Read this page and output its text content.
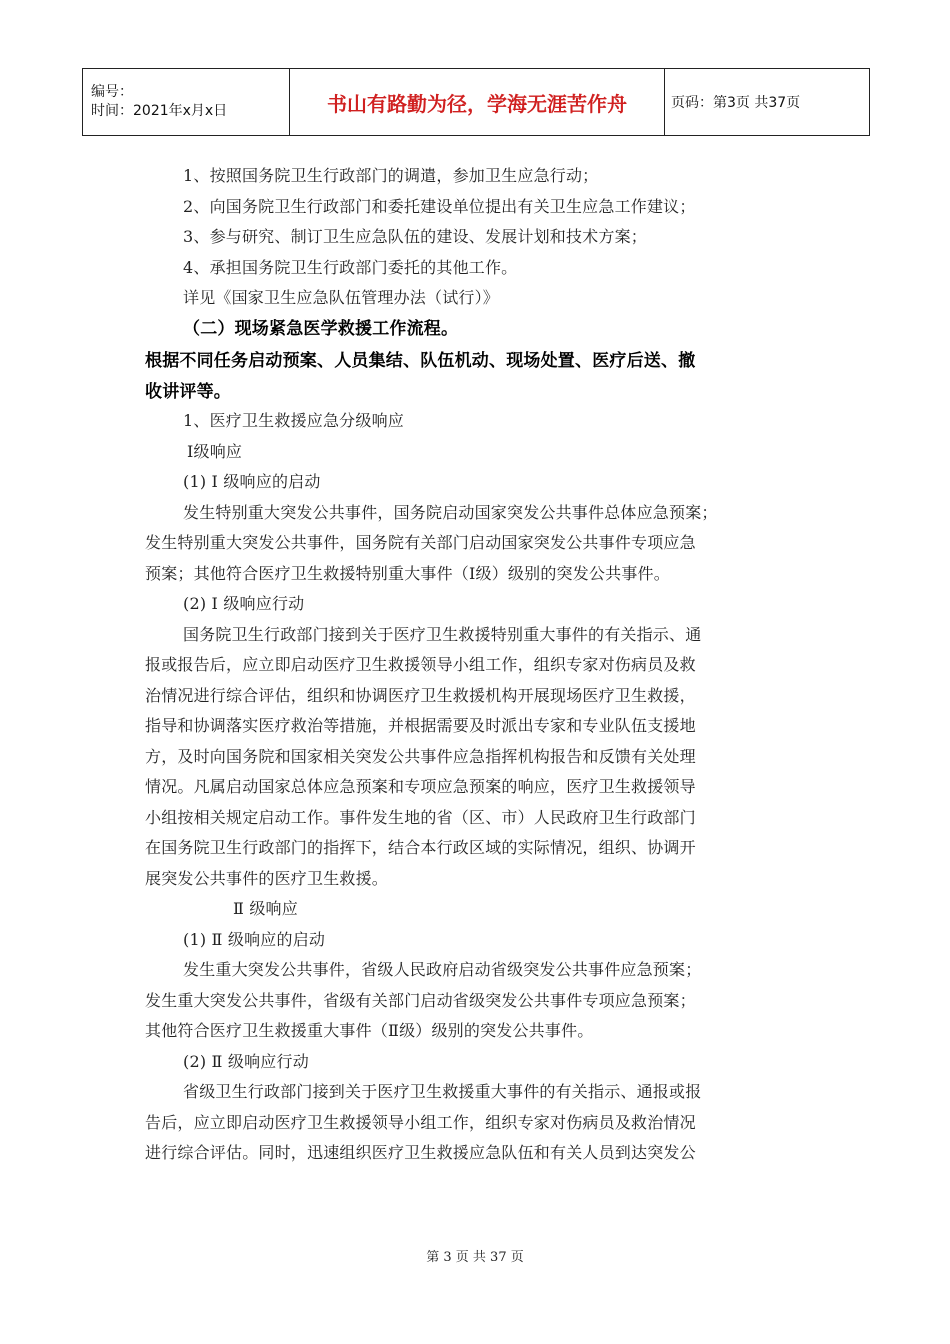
编号：
时间：2021年x月x日	书山有路勤为径，学海无涯苦作舟	页码：第3页 共37页
1、按照国务院卫生行政部门的调遣，参加卫生应急行动；
2、向国务院卫生行政部门和委托建设单位提出有关卫生应急工作建议；
3、参与研究、制订卫生应急队伍的建设、发展计划和技术方案；
4、承担国务院卫生行政部门委托的其他工作。
详见《国家卫生应急队伍管理办法（试行）》
（二）现场紧急医学救援工作流程。
根据不同任务启动预案、人员集结、队伍机动、现场处置、医疗后送、撤
收讲评等。
1、医疗卫生救援应急分级响应
Ⅰ级响应
(1) Ⅰ 级响应的启动
发生特别重大突发公共事件，国务院启动国家突发公共事件总体应急预案；
发生特别重大突发公共事件，国务院有关部门启动国家突发公共事件专项应急
预案；其他符合医疗卫生救援特别重大事件（Ⅰ级）级别的突发公共事件。
(2) Ⅰ 级响应行动
国务院卫生行政部门接到关于医疗卫生救援特别重大事件的有关指示、通
报或报告后，应立即启动医疗卫生救援领导小组工作，组织专家对伤病员及救
治情况进行综合评估，组织和协调医疗卫生救援机构开展现场医疗卫生救援，
指导和协调落实医疗救治等措施，并根据需要及时派出专家和专业队伍支援地
方，及时向国务院和国家相关突发公共事件应急指挥机构报告和反馈有关处理
情况。凡属启动国家总体应急预案和专项应急预案的响应，医疗卫生救援领导
小组按相关规定启动工作。事件发生地的省（区、市）人民政府卫生行政部门
在国务院卫生行政部门的指挥下，结合本行政区域的实际情况，组织、协调开
展突发公共事件的医疗卫生救援。
Ⅱ 级响应
(1) Ⅱ 级响应的启动
发生重大突发公共事件，省级人民政府启动省级突发公共事件应急预案；
发生重大突发公共事件，省级有关部门启动省级突发公共事件专项应急预案；
其他符合医疗卫生救援重大事件（Ⅱ级）级别的突发公共事件。
(2) Ⅱ 级响应行动
省级卫生行政部门接到关于医疗卫生救援重大事件的有关指示、通报或报
告后，应立即启动医疗卫生救援领导小组工作，组织专家对伤病员及救治情况
进行综合评估。同时，迅速组织医疗卫生救援应急队伍和有关人员到达突发公
第 3 页 共 37 页
